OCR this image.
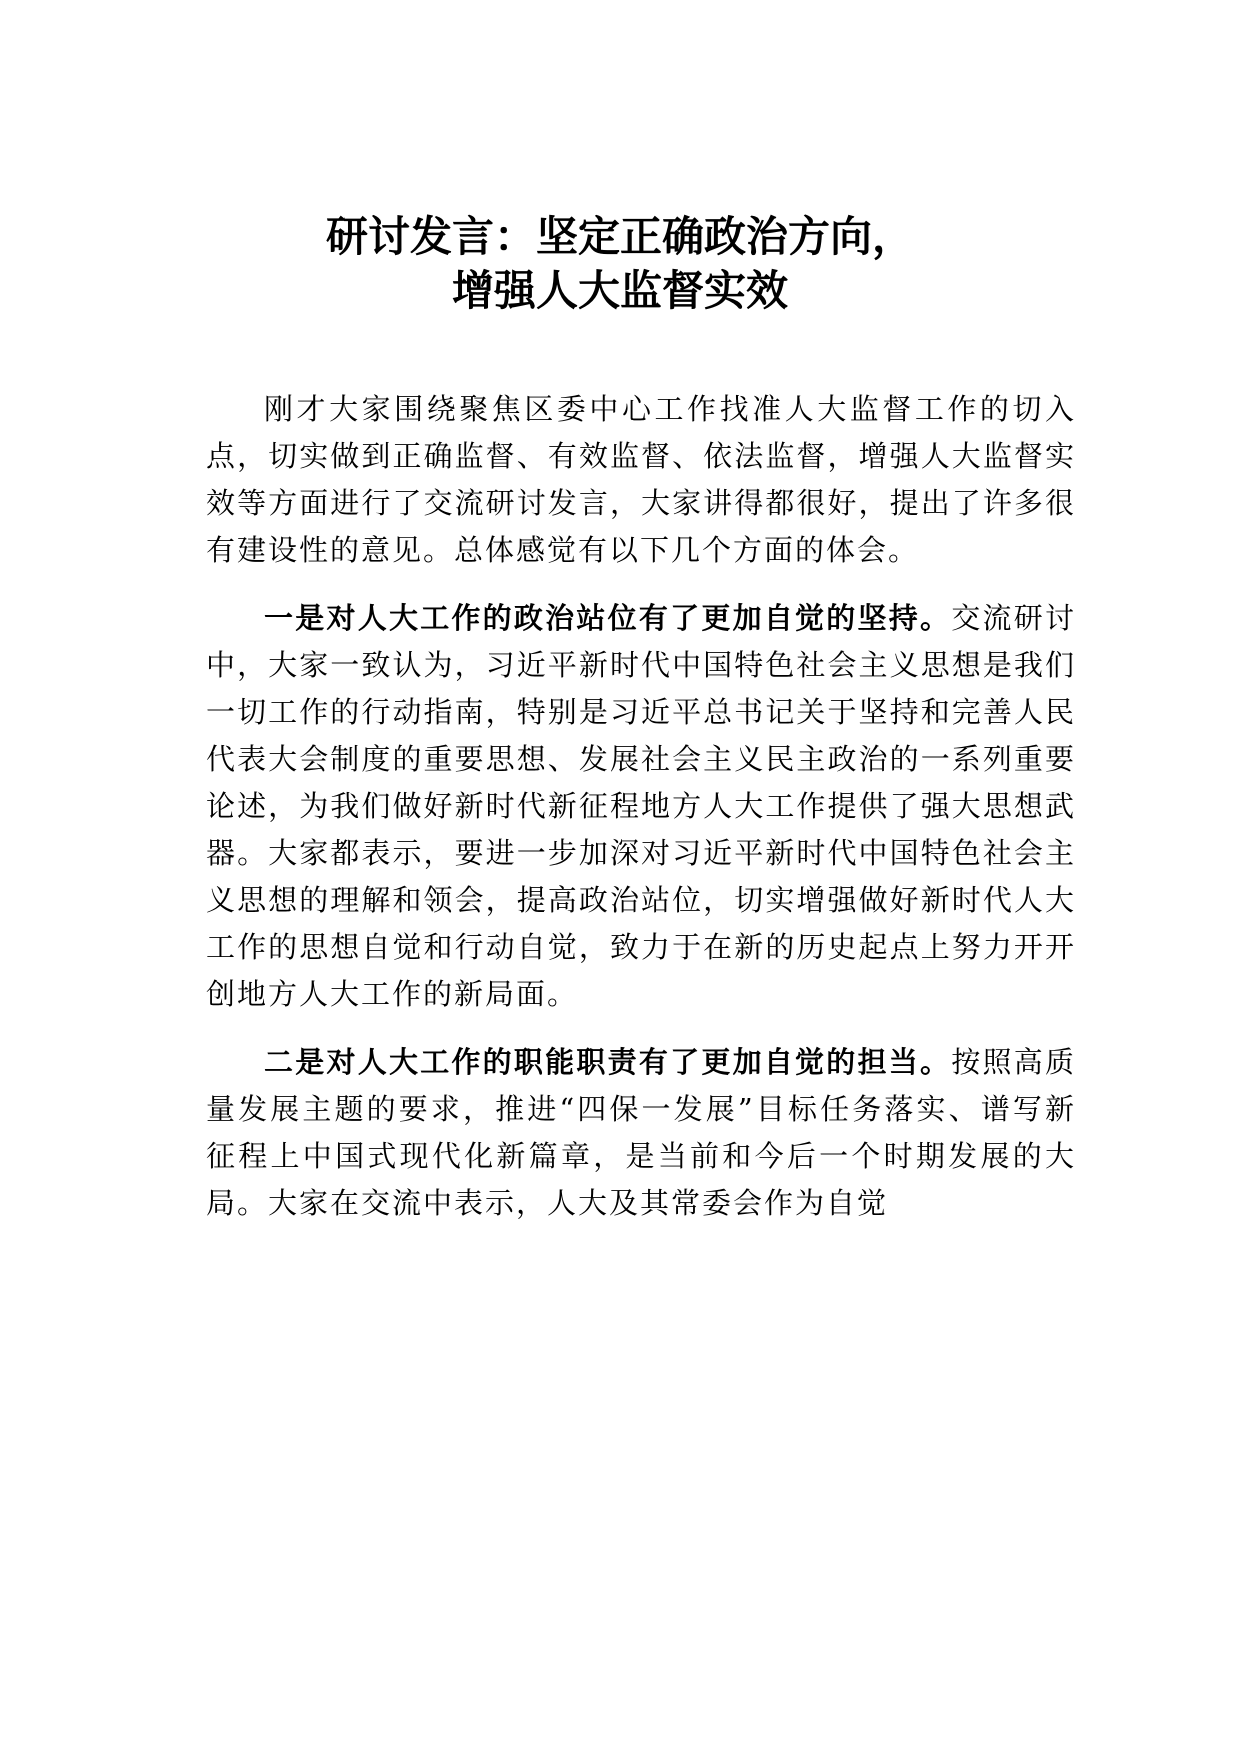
研讨发言：坚定正确政治方向，
增强人大监督实效

刚才大家围绕聚焦区委中心工作找准人大监督工作的切入点，切实做到正确监督、有效监督、依法监督，增强人大监督实效等方面进行了交流研讨发言，大家讲得都很好，提出了许多很有建设性的意见。总体感觉有以下几个方面的体会。

一是对人大工作的政治站位有了更加自觉的坚持。交流研讨中，大家一致认为，习近平新时代中国特色社会主义思想是我们一切工作的行动指南，特别是习近平总书记关于坚持和完善人民代表大会制度的重要思想、发展社会主义民主政治的一系列重要论述，为我们做好新时代新征程地方人大工作提供了强大思想武器。大家都表示，要进一步加深对习近平新时代中国特色社会主义思想的理解和领会，提高政治站位，切实增强做好新时代人大工作的思想自觉和行动自觉，致力于在新的历史起点上努力开开创地方人大工作的新局面。

二是对人大工作的职能职责有了更加自觉的担当。按照高质量发展主题的要求，推进“四保一发展”目标任务落实、谱写新征程上中国式现代化新篇章，是当前和今后一个时期发展的大局。大家在交流中表示，人大及其常委会作为自觉
